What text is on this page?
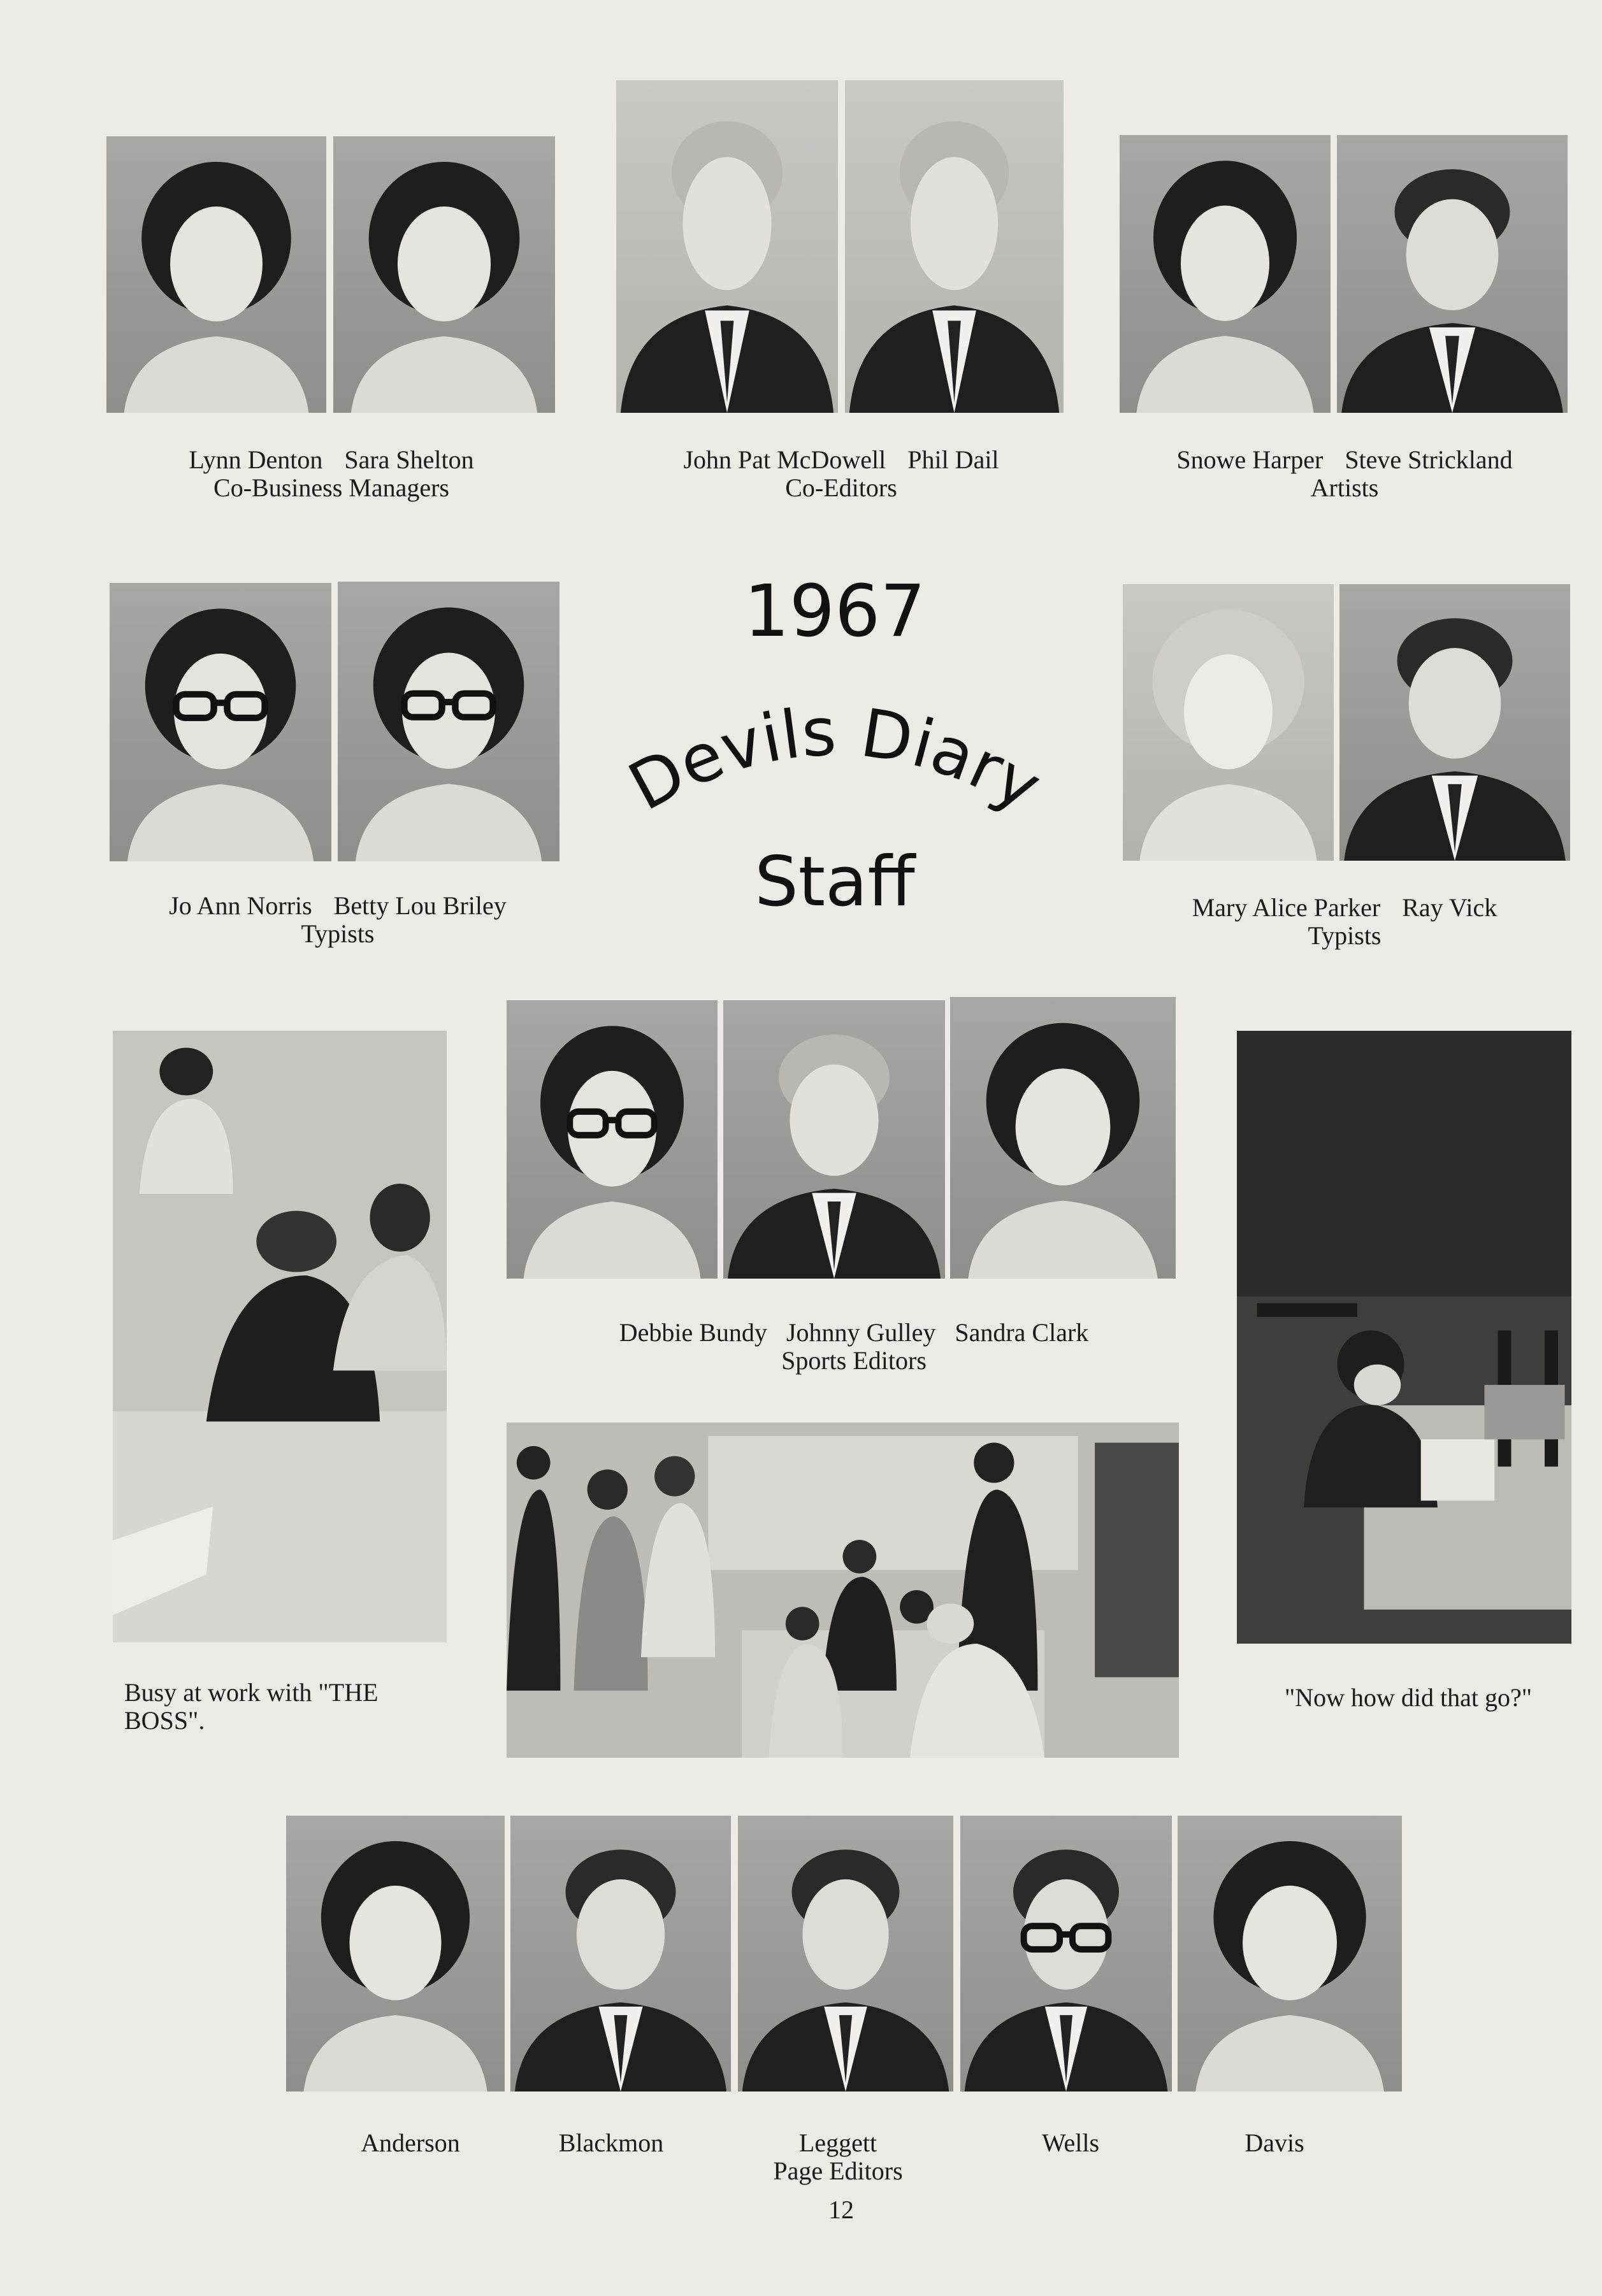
Lynn Denton Sara Shelton
Co-Business Managers
John Pat McDowell Phil Dail
Co-Editors
Snowe Harper Steve Strickland
Artists
Jo Ann Norris Betty Lou Briley
Typists
1967
Devils Diary
Staff	Mary Alice Parker Ray Vick
Typists
Busy at work with "THE BOSS".
Debbie Bundy Johnny Gulley Sandra Clark
Sports Editors
"Now how did that go?"
Anderson	Blackmon	Leggett
Page Editors
Wells	Davis
12
